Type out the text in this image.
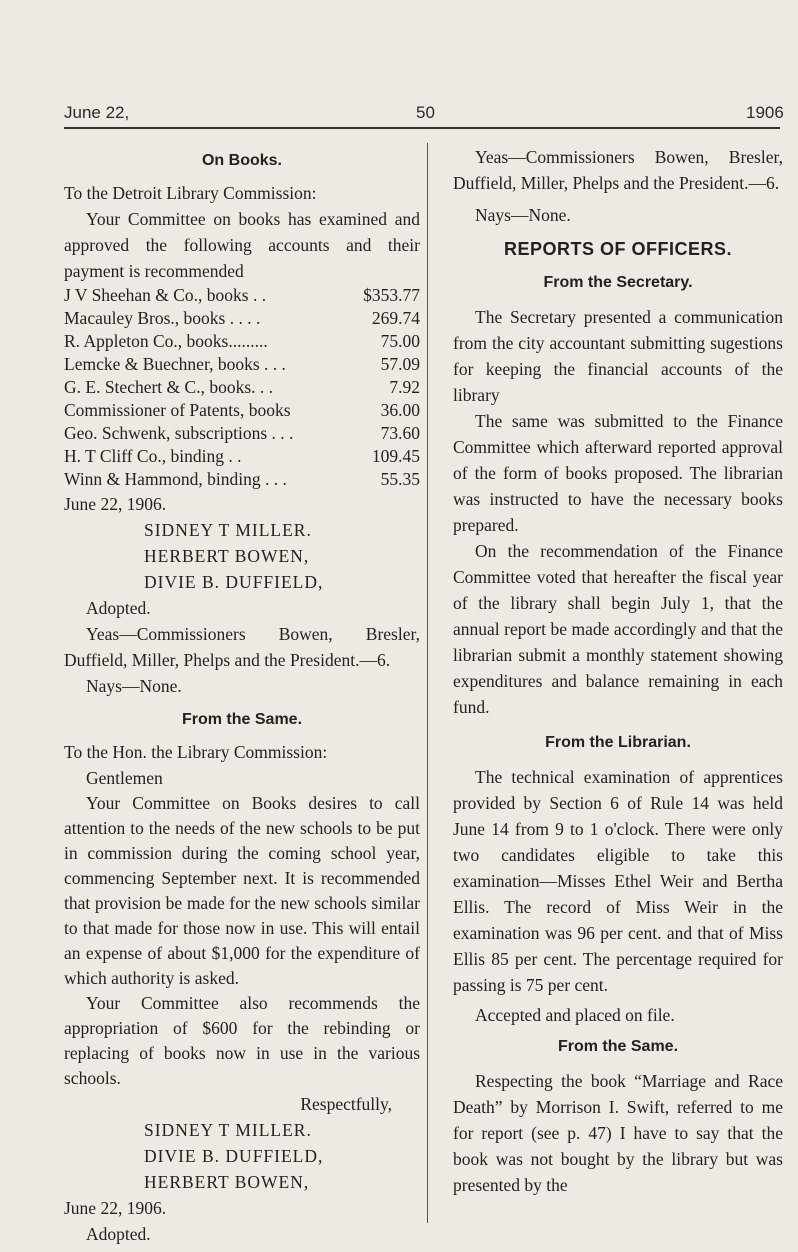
June 22,	50	1906
On Books.

To the Detroit Library Commission:

Your Committee on books has examined and approved the following accounts and their payment is recommended

J V Sheehan & Co., books . .	$353.77
Macauley Bros., books . . . .	269.74
R. Appleton Co., books.........	75.00
Lemcke & Buechner, books . . .	57.09
G. E. Stechert & C., books. . .	7.92
Commissioner of Patents, books	36.00
Geo. Schwenk, subscriptions . . .	73.60
H. T Cliff Co., binding . .	109.45
Winn & Hammond, binding . . .	55.35

June 22, 1906.

SIDNEY T MILLER.

HERBERT BOWEN,

DIVIE B. DUFFIELD,

Adopted.

Yeas—Commissioners Bowen, Bresler, Duffield, Miller, Phelps and the President.—6.

Nays—None.

From the Same.

To the Hon. the Library Commission:

Gentlemen

Your Committee on Books desires to call attention to the needs of the new schools to be put in commission during the coming school year, commencing September next. It is recommended that provision be made for the new schools similar to that made for those now in use. This will entail an expense of about $1,000 for the expenditure of which authority is asked.

Your Committee also recommends the appropriation of $600 for the rebinding or replacing of books now in use in the various schools.

Respectfully,

SIDNEY T MILLER.

DIVIE B. DUFFIELD,

HERBERT BOWEN,

June 22, 1906.

Adopted.

Yeas—Commissioners Bowen, Bresler, Duffield, Miller, Phelps and the President.—6.

Nays—None.

REPORTS OF OFFICERS.
From the Secretary.

The Secretary presented a communication from the city accountant submitting sugestions for keeping the financial accounts of the library

The same was submitted to the Finance Committee which afterward reported approval of the form of books proposed. The librarian was instructed to have the necessary books prepared.

On the recommendation of the Finance Committee voted that hereafter the fiscal year of the library shall begin July 1, that the annual report be made accordingly and that the librarian submit a monthly statement showing expenditures and balance remaining in each fund.

From the Librarian.

The technical examination of apprentices provided by Section 6 of Rule 14 was held June 14 from 9 to 1 o'clock. There were only two candidates eligible to take this examination—Misses Ethel Weir and Bertha Ellis. The record of Miss Weir in the examination was 96 per cent. and that of Miss Ellis 85 per cent. The percentage required for passing is 75 per cent.

Accepted and placed on file.

From the Same.

Respecting the book “Marriage and Race Death” by Morrison I. Swift, referred to me for report (see p. 47) I have to say that the book was not bought by the library but was presented by the
